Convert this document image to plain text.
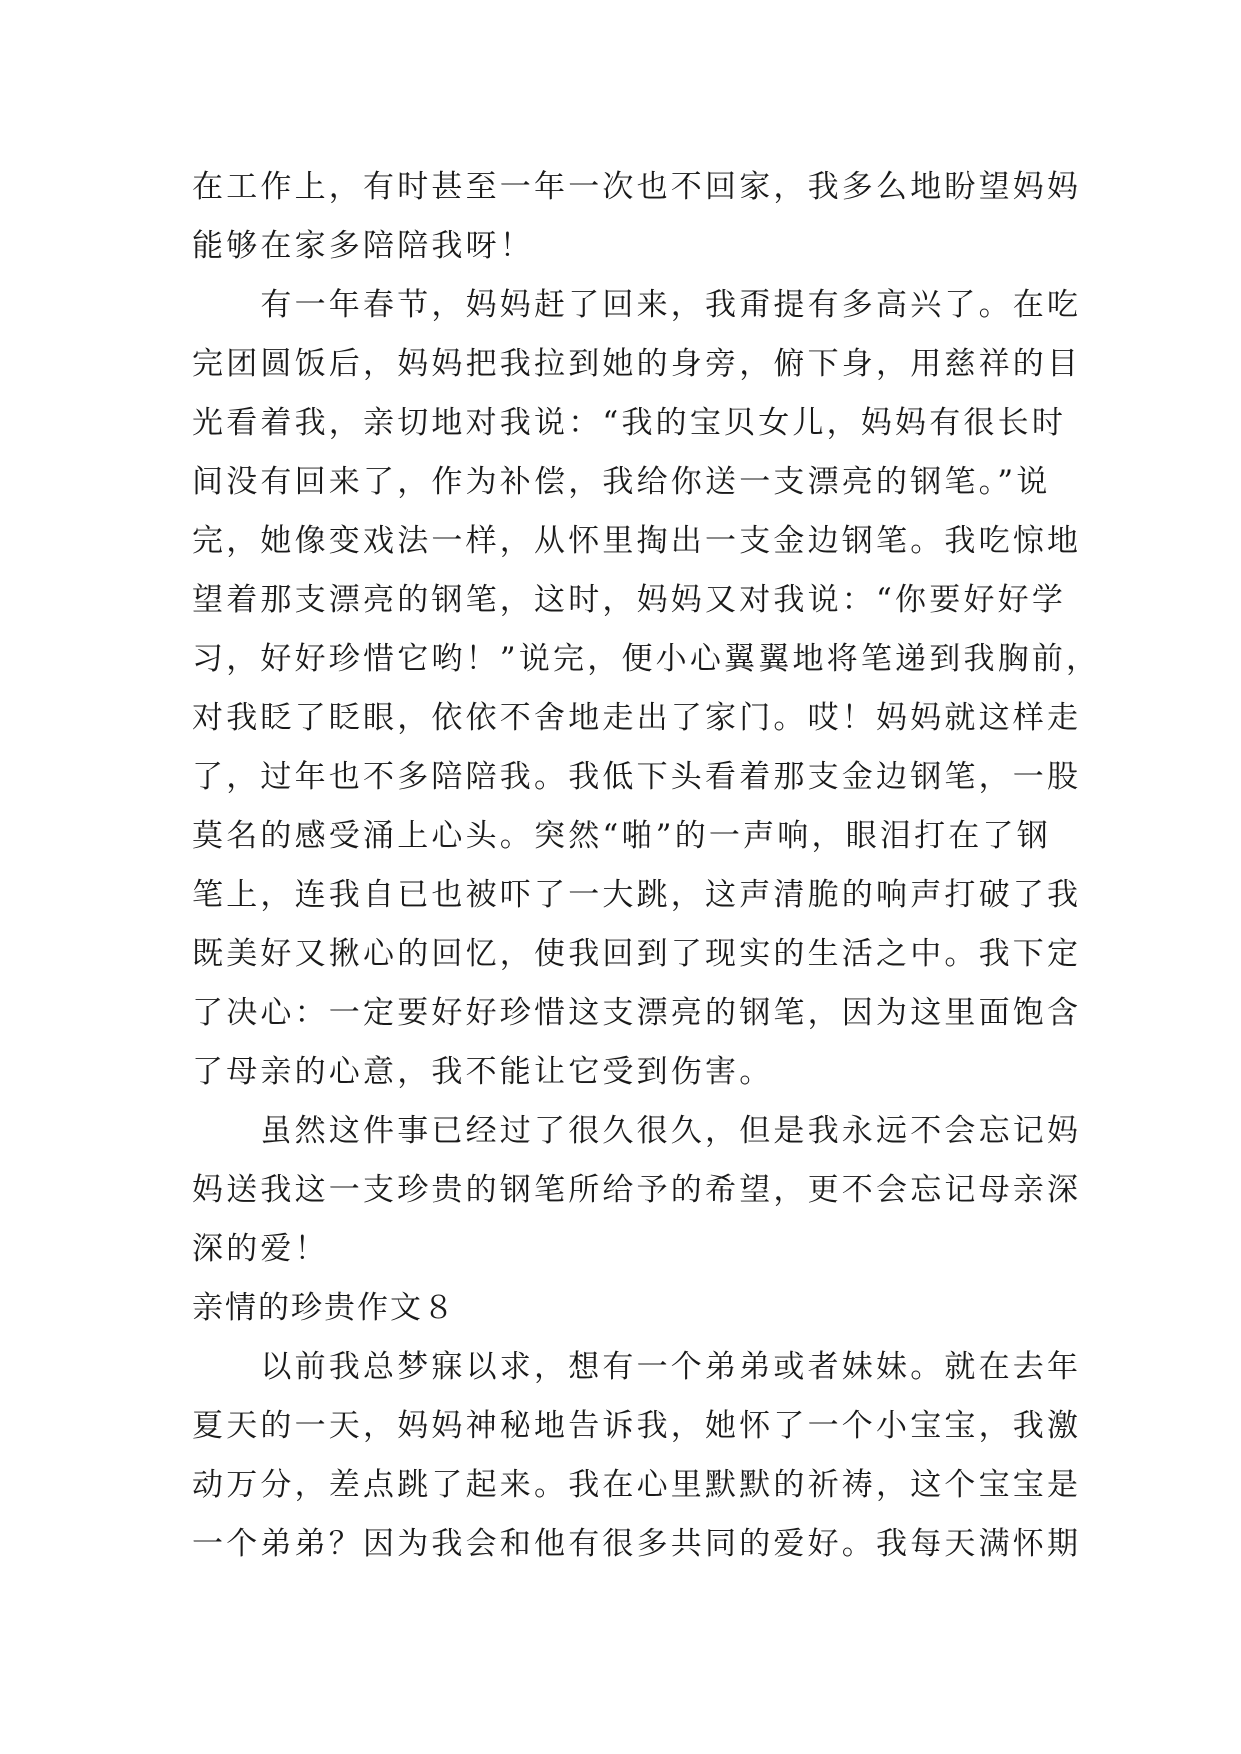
在工作上，有时甚至一年一次也不回家，我多么地盼望妈妈
能够在家多陪陪我呀！
　　有一年春节，妈妈赶了回来，我甭提有多高兴了。在吃
完团圆饭后，妈妈把我拉到她的身旁，俯下身，用慈祥的目
光看着我，亲切地对我说：“我的宝贝女儿，妈妈有很长时
间没有回来了，作为补偿，我给你送一支漂亮的钢笔。”说
完，她像变戏法一样，从怀里掏出一支金边钢笔。我吃惊地
望着那支漂亮的钢笔，这时，妈妈又对我说：“你要好好学
习，好好珍惜它哟！”说完，便小心翼翼地将笔递到我胸前，
对我眨了眨眼，依依不舍地走出了家门。哎！妈妈就这样走
了，过年也不多陪陪我。我低下头看着那支金边钢笔，一股
莫名的感受涌上心头。突然“啪”的一声响，眼泪打在了钢
笔上，连我自已也被吓了一大跳，这声清脆的响声打破了我
既美好又揪心的回忆，使我回到了现实的生活之中。我下定
了决心：一定要好好珍惜这支漂亮的钢笔，因为这里面饱含
了母亲的心意，我不能让它受到伤害。
　　虽然这件事已经过了很久很久，但是我永远不会忘记妈
妈送我这一支珍贵的钢笔所给予的希望，更不会忘记母亲深
深的爱！
亲情的珍贵作文８
　　以前我总梦寐以求，想有一个弟弟或者妹妹。就在去年
夏天的一天，妈妈神秘地告诉我，她怀了一个小宝宝，我激
动万分，差点跳了起来。我在心里默默的祈祷，这个宝宝是
一个弟弟？因为我会和他有很多共同的爱好。我每天满怀期
